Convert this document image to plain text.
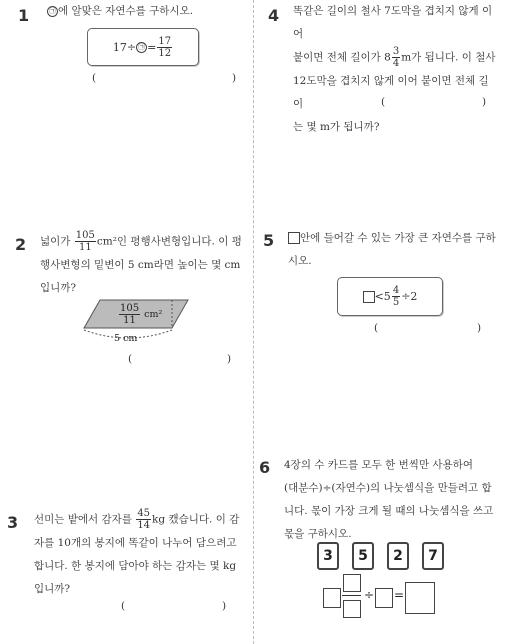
1	㉠ 에 알맞은 자연수를 구하시오.
17÷ ㉠ = $\frac{17}{12}$
(	)
2 넓이가 $\frac{105}{11} cm^2$인 평행사변형입니다. 이 평
행사변형의 밑변이 5 cm라면 높이는 몇 cm
입니까?
$\frac{105}{11} cm^2$
5 cm
(	)
3 선미는 밭에서 감자를 $\frac{45}{14}$ kg 캤습니다. 이 감
자를 10개의 봉지에 똑같이 나누어 담으려고
합니다. 한 봉지에 담아야 하는 감자는 몇 kg
입니까?
(	)
4 똑같은 길이의 철사 7도막을 겹치지 않게 이어
붙이면 전체 길이가 $8 \frac{3}{4}$ m가 됩니다. 이 철사
12도막을 겹치지 않게 이어 붙이면 전체 길이
는 몇 m가 됩니까?
(	)
5	안에 들어갈 수 있는 가장 큰 자연수를 구하
시오.
$<5 \frac{4}{5} \div 2$
(	)
6 4장의 수 카드를 모두 한 번씩만 사용하여
(대분수)÷(자연수)의 나눗셈식을 만들려고 합
니다. 몫이 가장 크게 될 때의 나눗셈식을 쓰고
몫을 구하시오.
3	5	2	7
÷ =
